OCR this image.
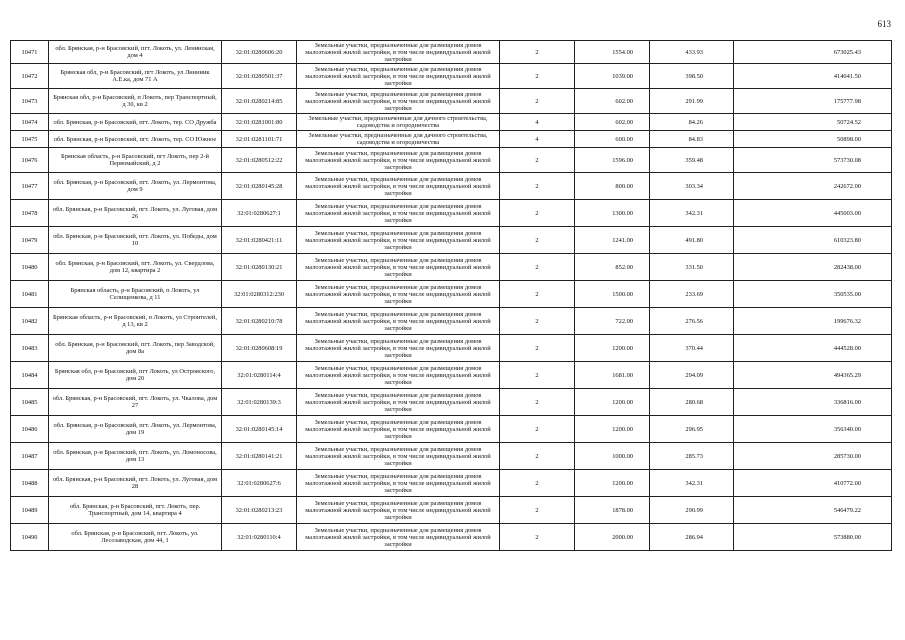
613
10471	обл. Брянская, р-н Брасовский, пгт. Локоть, ул. Ленинская, дом 4	32:01:0280606:20	Земельные участки, предназначенные для размещения домов малоэтажной жилой застройки, в том числе индивидуальной жилой застройки	2	1554.00	433.93	673025.43
10472	Брянская обл, р-н Брасовский, пгт Локоть, ул Линниик А.Е.ка, дом 71 А	32:01:0280501:37	Земельные участки, предназначенные для размещения домов малоэтажной жилой застройки, в том числе индивидуальной жилой застройки	2	1039.00	398.50	414041.50
10473	Брянская обл, р-н Брасовский, п Локоть, пер Транспортный, д 30, кв 2	32:01:0280214:85	Земельные участки, предназначенные для размещения домов малоэтажной жилой застройки, в том числе индивидуальной жилой застройки	2	602.00	291.99	175777.98
10474	обл. Брянская, р-н Брасовский, пгт. Локоть, тер. СО Дружба	32:01:0281001:80	Земельные участки, предназначенные для дачного строительства, садоводства и огородничества	4	602.00	84.26	50724.52
10475	обл. Брянская, р-н Брасовский, пгт. Локоть, тер. СО Южное	32:01:0281101:71	Земельные участки, предназначенные для дачного строительства, садоводства и огородничества	4	600.00	84.83	50898.00
10476	Брянская область, р-н Брасовский, пгт Локоть, пер 2-й Первомайский, д 2	32:01:0280512:22	Земельные участки, предназначенные для размещения домов малоэтажной жилой застройки, в том числе индивидуальной жилой застройки	2	1596.00	359.48	573730.08
10477	обл. Брянская, р-н Брасовский, пгт. Локоть, ул. Лермонтова, дом 9	32:01:0280145:28	Земельные участки, предназначенные для размещения домов малоэтажной жилой застройки, в том числе индивидуальной жилой застройки	2	800.00	303.34	242672.00
10478	обл. Брянская, р-н Брасовский, пгт. Локоть, ул. Луговая, дом 26	32:01:0280627:1	Земельные участки, предназначенные для размещения домов малоэтажной жилой застройки, в том числе индивидуальной жилой застройки	2	1300.00	342.31	445003.00
10479	обл. Брянская, р-н Брасовский, пгт. Локоть, ул. Победы, дом 10	32:01:0280421:11	Земельные участки, предназначенные для размещения домов малоэтажной жилой застройки, в том числе индивидуальной жилой застройки	2	1241.00	491.80	610323.80
10480	обл. Брянская, р-н Брасовский, пгт. Локоть, ул. Свердлова, дом 12, квартира 2	32:01:0280130:21	Земельные участки, предназначенные для размещения домов малоэтажной жилой застройки, в том числе индивидуальной жилой застройки	2	852.00	331.50	282438.00
10481	Брянская область, р-н Брасовский, п Локоть, ул Селищенкова, д 11	32:01:0280312:230	Земельные участки, предназначенные для размещения домов малоэтажной жилой застройки, в том числе индивидуальной жилой застройки	2	1500.00	233.69	350535.00
10482	Брянская область, р-н Брасовский, п Локоть, ул Строителей, д 13, кв 2	32:01:0280210:78	Земельные участки, предназначенные для размещения домов малоэтажной жилой застройки, в том числе индивидуальной жилой застройки	2	722.00	276.56	199676.32
10483	обл. Брянская, р-н Брасовский, пгт. Локоть, пер Заводской, дом 8а	32:01:0280608:19	Земельные участки, предназначенные для размещения домов малоэтажной жилой застройки, в том числе индивидуальной жилой застройки	2	1200.00	370.44	444528.00
10484	Брянская обл, р-н Брасовский, пгт Локоть, ул Островского, дом 20	32:01:0280114:4	Земельные участки, предназначенные для размещения домов малоэтажной жилой застройки, в том числе индивидуальной жилой застройки	2	1681.00	294.09	494365.29
10485	обл. Брянская, р-н Брасовский, пгт. Локоть, ул. Чкалова, дом 27	32:01:0280139:3	Земельные участки, предназначенные для размещения домов малоэтажной жилой застройки, в том числе индивидуальной жилой застройки	2	1200.00	280.68	336816.00
10486	обл. Брянская, р-н Брасовский, пгт. Локоть, ул. Лермонтова, дом 19	32:01:0280145:14	Земельные участки, предназначенные для размещения домов малоэтажной жилой застройки, в том числе индивидуальной жилой застройки	2	1200.00	296.95	356340.00
10487	обл. Брянская, р-н Брасовский, пгт. Локоть, ул. Ломоносова, дом 13	32:01:0280141:21	Земельные участки, предназначенные для размещения домов малоэтажной жилой застройки, в том числе индивидуальной жилой застройки	2	1000.00	285.73	285730.00
10488	обл. Брянская, р-н Брасовский, пгт. Локоть, ул. Луговая, дом 28	32:01:0280627:6	Земельные участки, предназначенные для размещения домов малоэтажной жилой застройки, в том числе индивидуальной жилой застройки	2	1200.00	342.31	410772.00
10489	обл. Брянская, р-н Брасовский, пгт. Локоть, пер. Транспортный, дом 14, квартира 4	32:01:0280213:23	Земельные участки, предназначенные для размещения домов малоэтажной жилой застройки, в том числе индивидуальной жилой застройки	2	1878.00	290.99	546479.22
10490	обл. Брянская, р-н Брасовский, пгт. Локоть, ул. Лесозаводская, дом 44, 1	32:01:0280110:4	Земельные участки, предназначенные для размещения домов малоэтажной жилой застройки, в том числе индивидуальной жилой застройки	2	2000.00	286.94	573880.00
